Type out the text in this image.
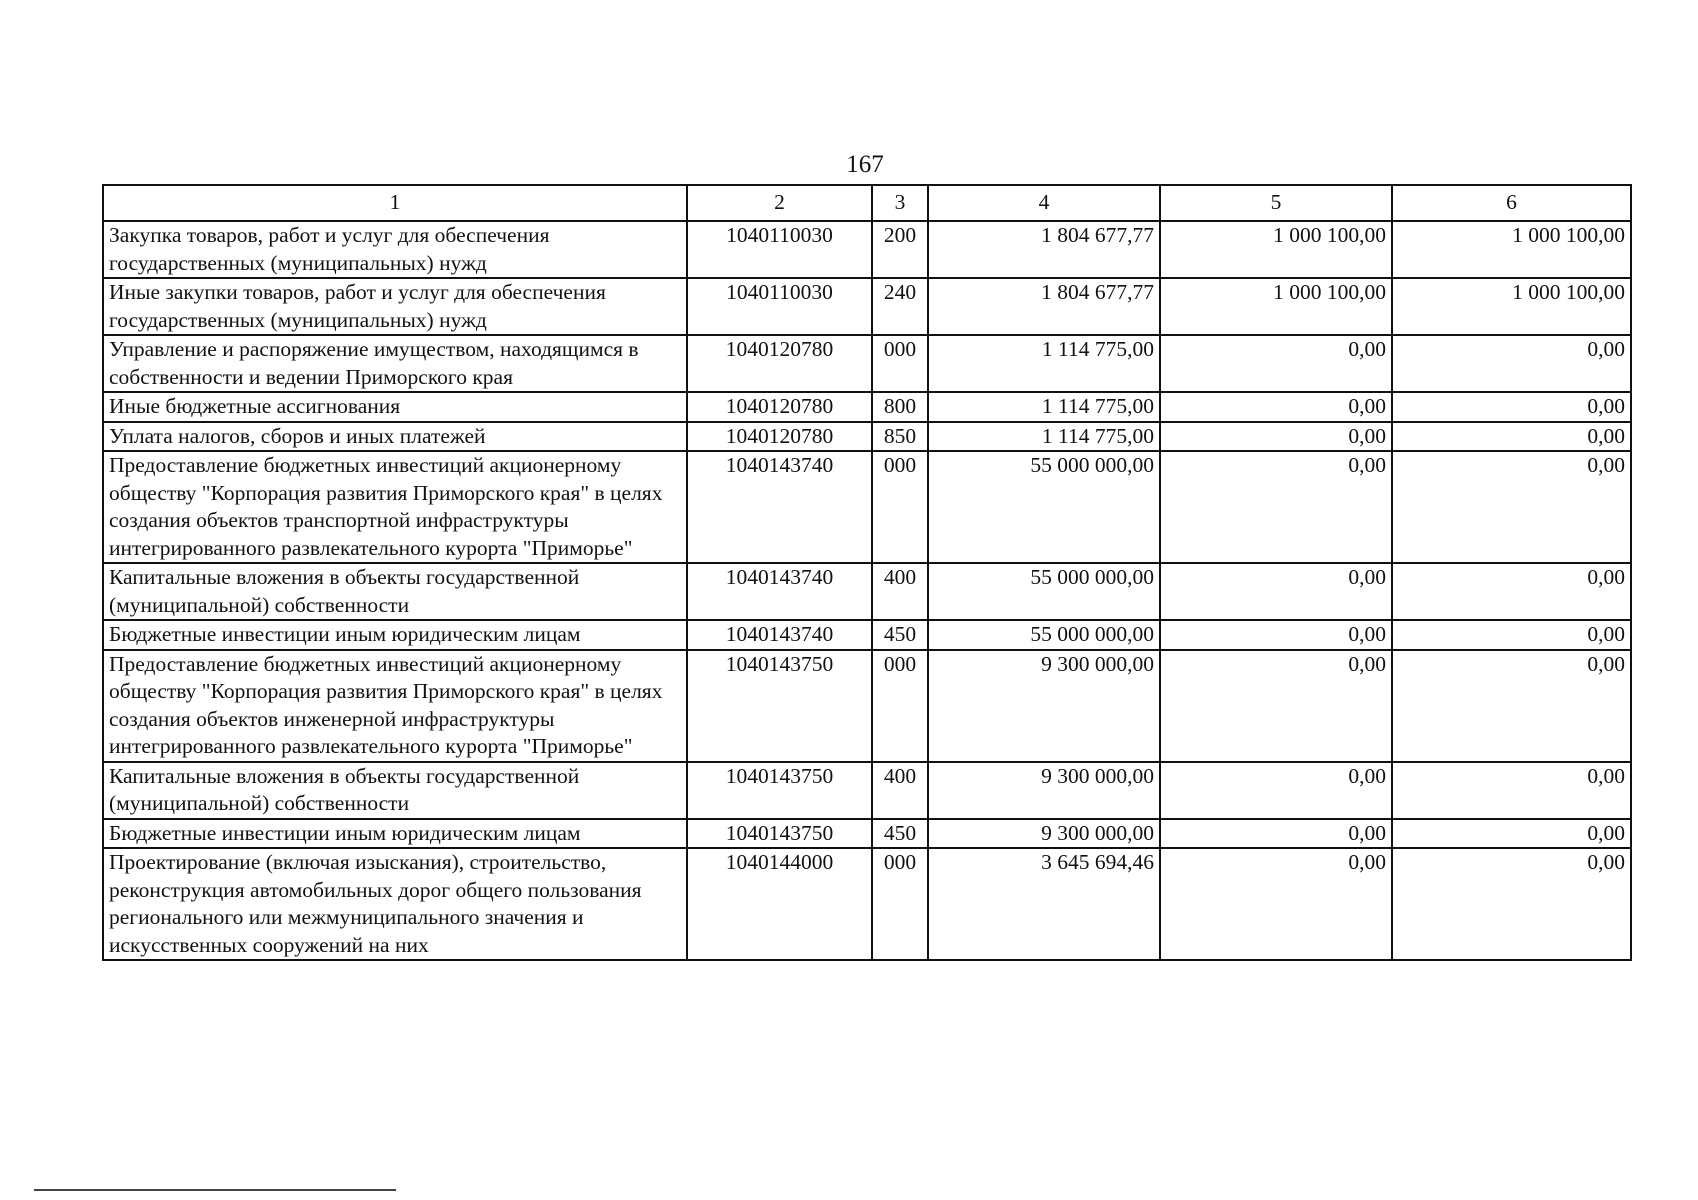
167
1	2	3	4	5	6
Закупка товаров, работ и услуг для обеспечения государственных (муниципальных) нужд	1040110030	200	1 804 677,77	1 000 100,00	1 000 100,00
Иные закупки товаров, работ и услуг для обеспечения государственных (муниципальных) нужд	1040110030	240	1 804 677,77	1 000 100,00	1 000 100,00
Управление и распоряжение имуществом, находящимся в собственности и ведении Приморского края	1040120780	000	1 114 775,00	0,00	0,00
Иные бюджетные ассигнования	1040120780	800	1 114 775,00	0,00	0,00
Уплата налогов, сборов и иных платежей	1040120780	850	1 114 775,00	0,00	0,00
Предоставление бюджетных инвестиций акционерному обществу "Корпорация развития Приморского края" в целях создания объектов транспортной инфраструктуры интегрированного развлекательного курорта "Приморье"	1040143740	000	55 000 000,00	0,00	0,00
Капитальные вложения в объекты государственной (муниципальной) собственности	1040143740	400	55 000 000,00	0,00	0,00
Бюджетные инвестиции иным юридическим лицам	1040143740	450	55 000 000,00	0,00	0,00
Предоставление бюджетных инвестиций акционерному обществу "Корпорация развития Приморского края" в целях создания объектов инженерной инфраструктуры интегрированного развлекательного курорта "Приморье"	1040143750	000	9 300 000,00	0,00	0,00
Капитальные вложения в объекты государственной (муниципальной) собственности	1040143750	400	9 300 000,00	0,00	0,00
Бюджетные инвестиции иным юридическим лицам	1040143750	450	9 300 000,00	0,00	0,00
Проектирование (включая изыскания), строительство, реконструкция автомобильных дорог общего пользования регионального или межмуниципального значения и искусственных сооружений на них	1040144000	000	3 645 694,46	0,00	0,00
